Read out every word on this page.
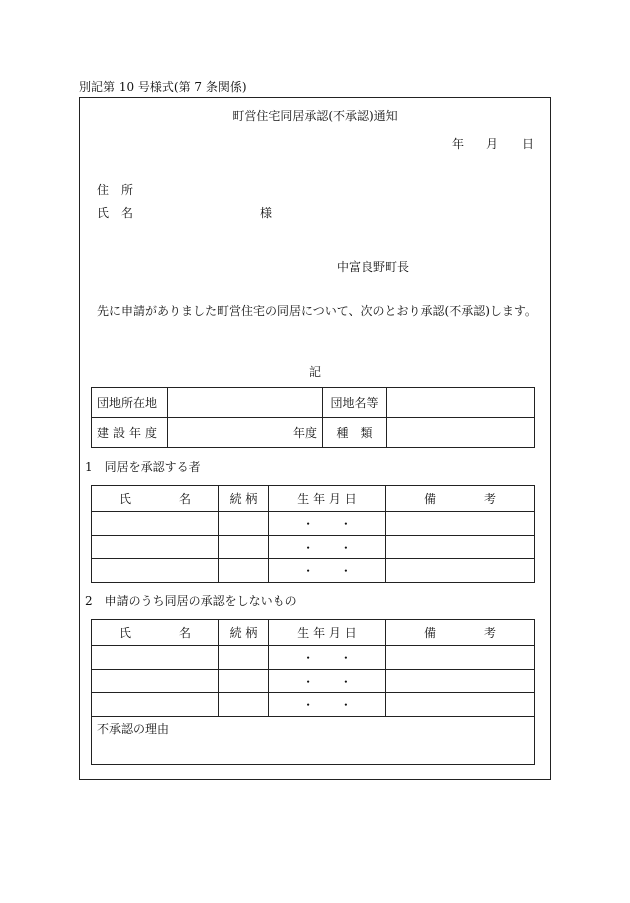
別記第 10 号様式(第 7 条関係)
町営住宅同居承認(不承認)通知
年 月 日
住　所
氏　名	様
中富良野町長
先に申請がありました町営住宅の同居について、次のとおり承認(不承認)します。
記
団地所在地		団地名等	
建設年度	年度	種　類	
1　同居を承認する者
氏　　　　名	続 柄	生 年 月 日	備　　　　考
		・ ・	
		・ ・	
		・ ・	
2　申請のうち同居の承認をしないもの
氏　　　　名	続 柄	生 年 月 日	備　　　　考
		・ ・	
		・ ・	
		・ ・	
不承認の理由			
